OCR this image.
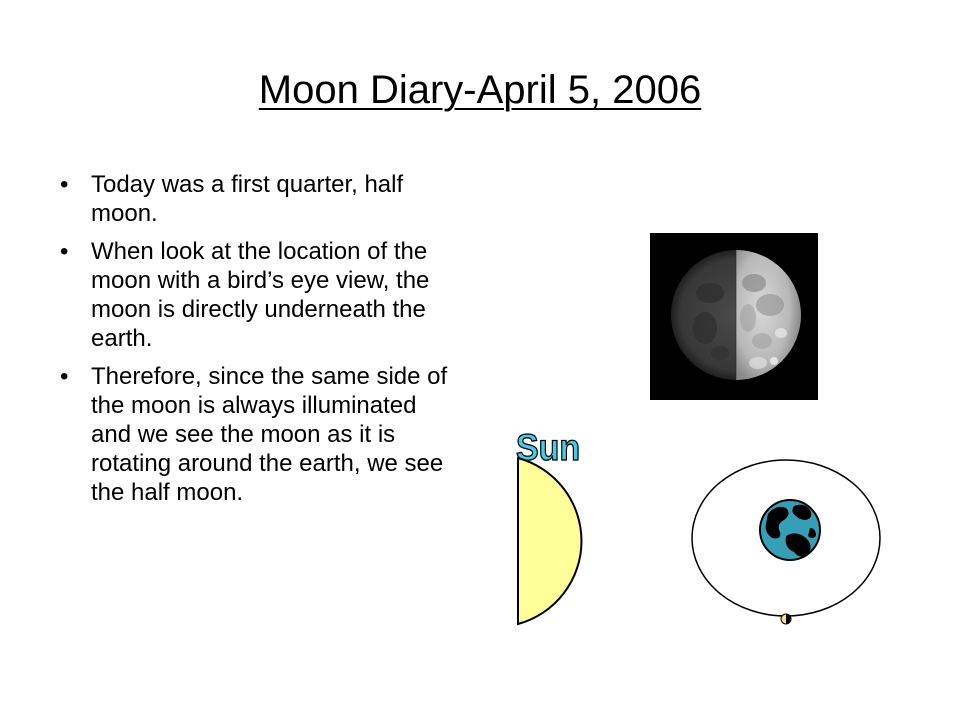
Moon Diary-April 5, 2006
• Today was a first quarter, half moon.
• When look at the location of the moon with a bird’s eye view, the moon is directly underneath the earth.
• Therefore, since the same side of the moon is always illuminated and we see the moon as it is rotating around the earth, we see the half moon.
Sun
